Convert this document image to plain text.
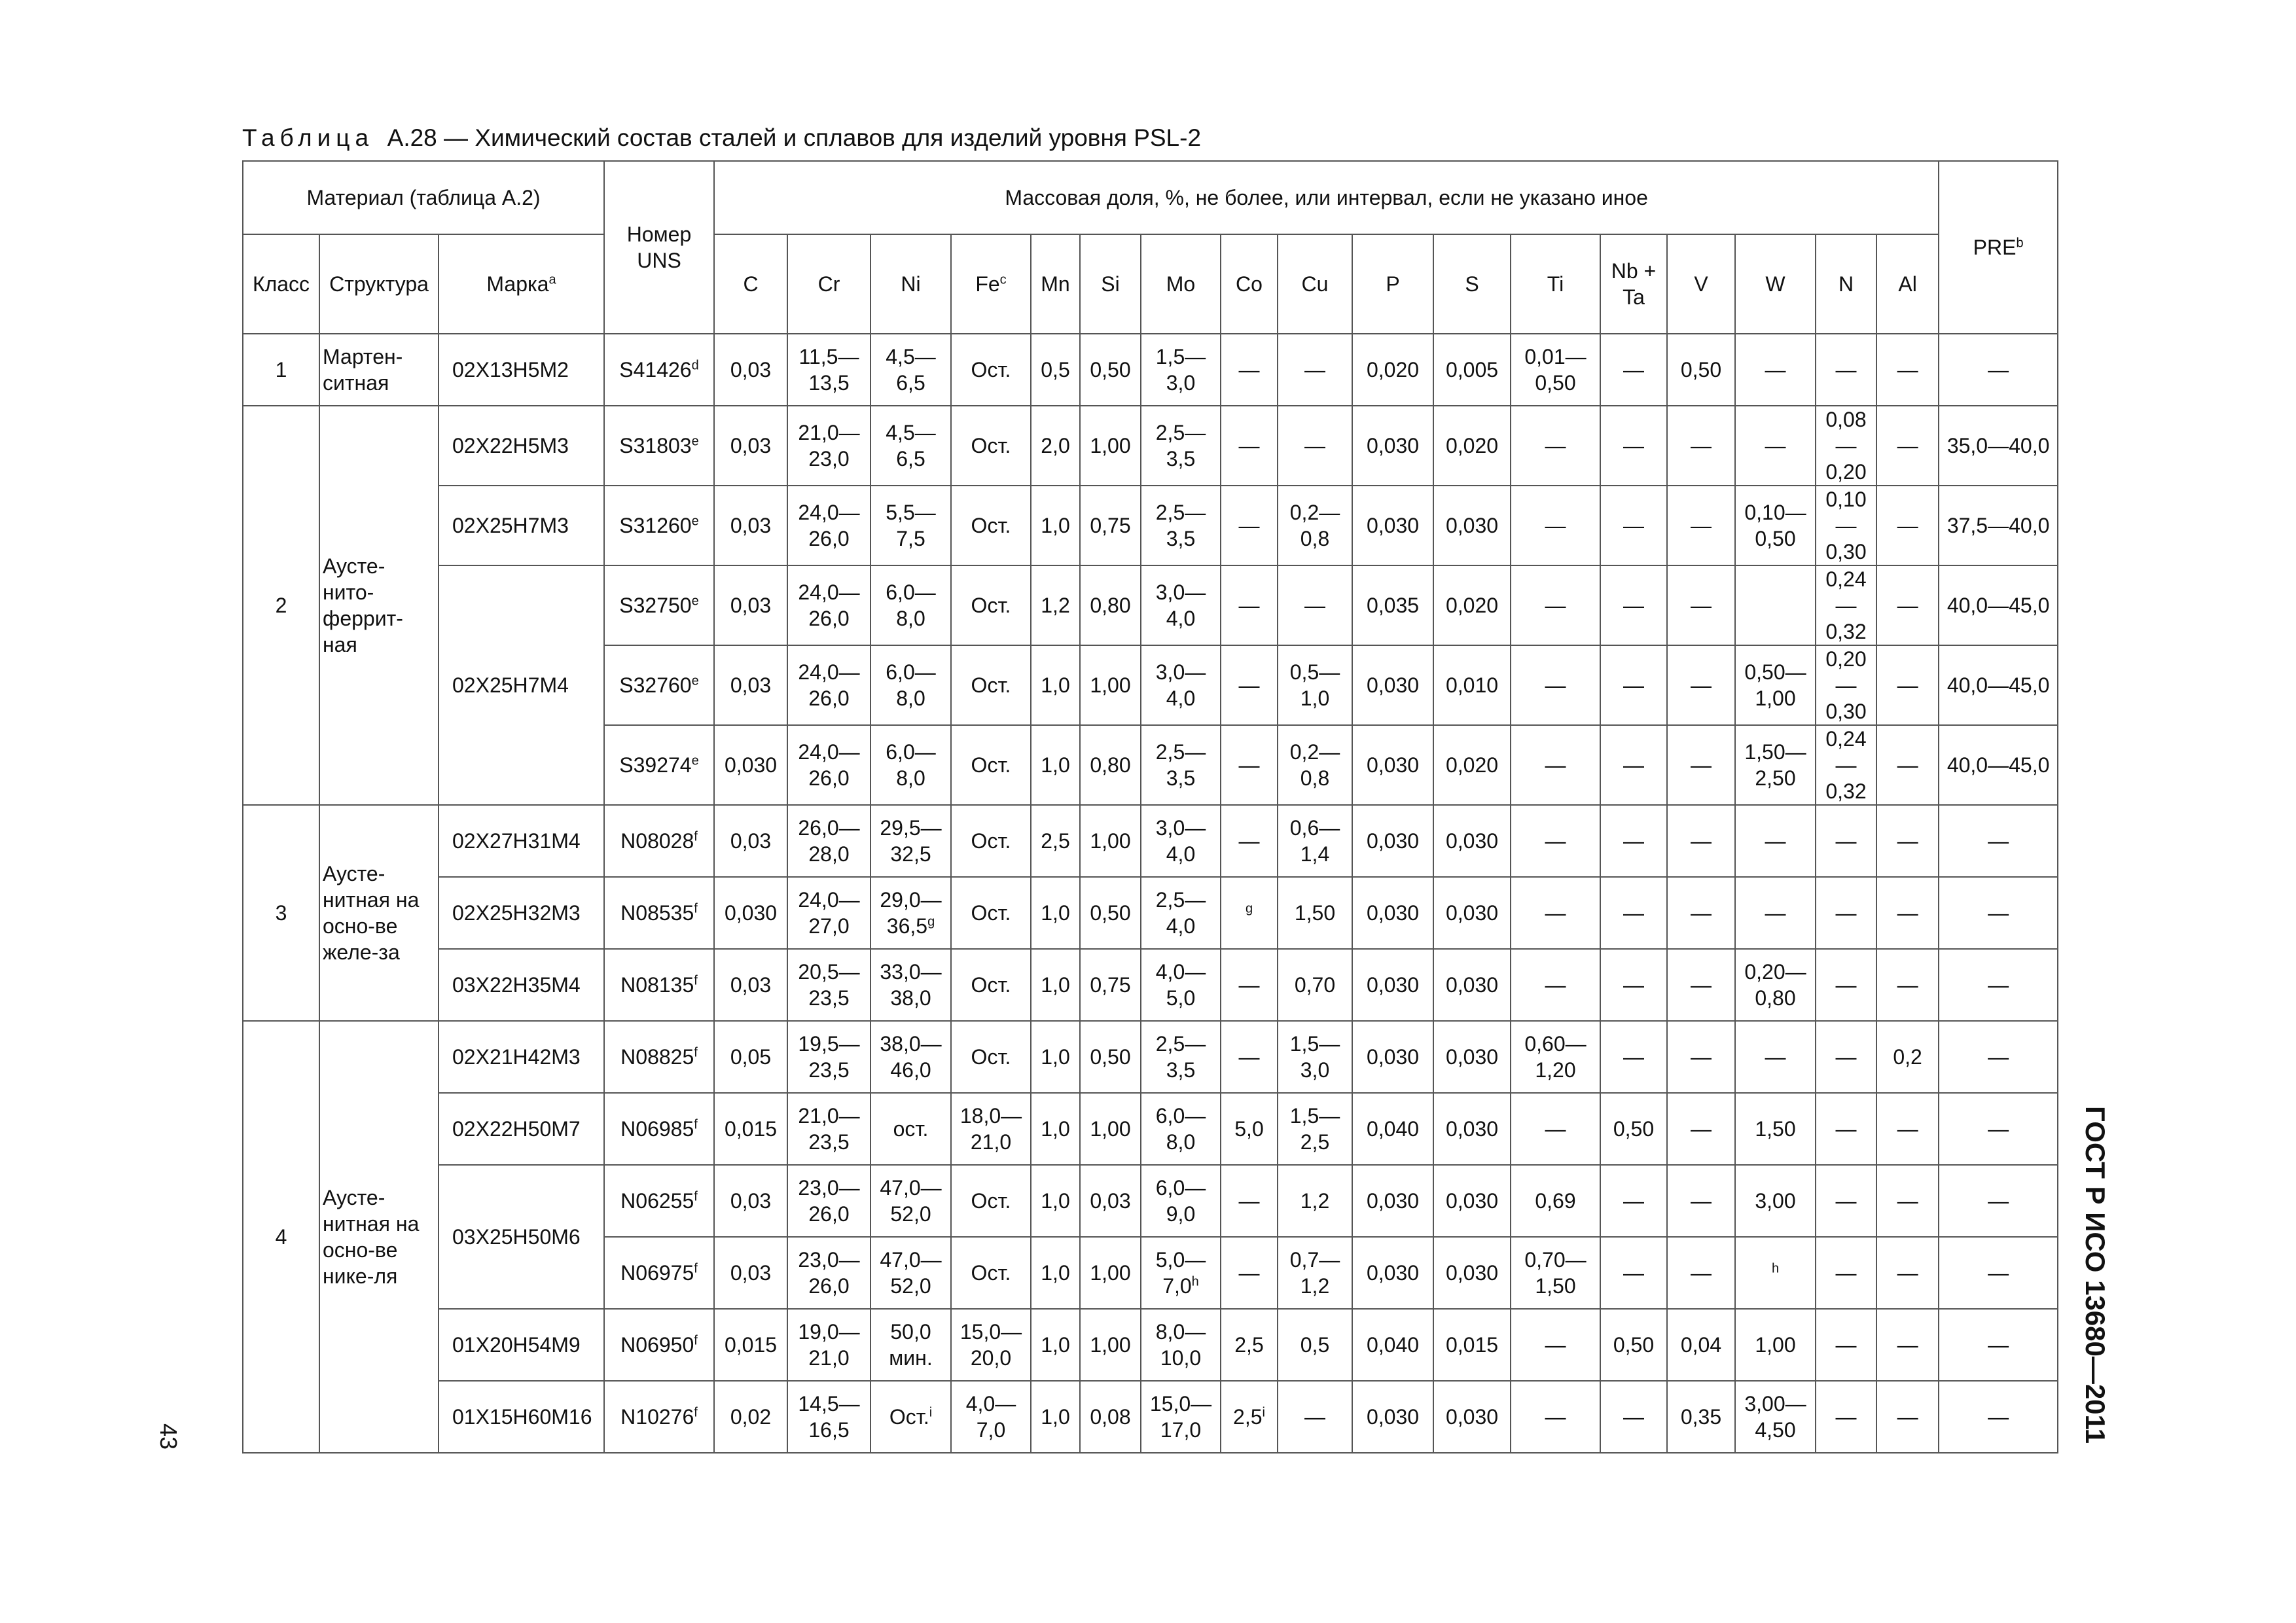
Таблица А.28 — Химический состав сталей и сплавов для изделий уровня PSL-2
Материал (таблица А.2)			Номер UNS	Массовая доля, %, не более, или интервал, если не указано иное																	PRE$^b$
Класс	Структура	Марка$^a$		C	Cr	Ni	Fe$^c$	Mn	Si	Mo	Co	Cu	P	S	Ti	Nb + Ta	V	W	N	Al	
1	Мартен-ситная	02Х13Н5М2	S41426$^d$	0,03	11,5—13,5	4,5—6,5	Ост.	0,5	0,50	1,5—3,0	—	—	0,020	0,005	0,01—0,50	—	0,50	—	—	—	—
2	Аусте-нито-феррит-ная	02Х22Н5М3	S31803e	0,03	21,0—23,0	4,5—6,5	Ост.	2,0	1,00	2,5—3,5	—	—	0,030	0,020	—	—	—	—	0,08—0,20	—	35,0—40,0
		02Х25Н7М3	S31260e	0,03	24,0—26,0	5,5—7,5	Ост.	1,0	0,75	2,5—3,5	—	0,2—0,8	0,030	0,030	—	—	—	0,10—0,50	0,10—0,30	—	37,5—40,0
		02Х25Н7М4	S32750e	0,03	24,0—26,0	6,0—8,0	Ост.	1,2	0,80	3,0—4,0	—	—	0,035	0,020	—	—	—		0,24—0,32	—	40,0—45,0
			S32760e	0,03	24,0—26,0	6,0—8,0	Ост.	1,0	1,00	3,0—4,0	—	0,5—1,0	0,030	0,010	—	—	—	0,50—1,00	0,20—0,30	—	40,0—45,0
			S39274e	0,030	24,0—26,0	6,0—8,0	Ост.	1,0	0,80	2,5—3,5	—	0,2—0,8	0,030	0,020	—	—	—	1,50—2,50	0,24—0,32	—	40,0—45,0
3	Аусте-нитная на осно-ве желе-за	02Х27Н31М4	N08028$^f$	0,03	26,0—28,0	29,5—32,5	Ост.	2,5	1,00	3,0—4,0	—	0,6—1,4	0,030	0,030	—	—	—	—	—	—	—
		02Х25Н32М3	N08535$^f$	0,030	24,0—27,0	29,0—36,5$^g$	Ост.	1,0	0,50	2,5—4,0	$^g$	1,50	0,030	0,030	—	—	—	—	—	—	—
		03Х22Н35М4	N08135$^f$	0,03	20,5—23,5	33,0—38,0	Ост.	1,0	0,75	4,0—5,0	—	0,70	0,030	0,030	—	—	—	0,20—0,80	—	—	—
4	Аусте-нитная на осно-ве нике-ля	02Х21Н42М3	N08825$^f$	0,05	19,5—23,5	38,0—46,0	Ост.	1,0	0,50	2,5—3,5	—	1,5—3,0	0,030	0,030	0,60—1,20	—	—	—	—	0,2	—
		02Х22Н50М7	N06985$^f$	0,015	21,0—23,5	ост.	18,0—21,0	1,0	1,00	6,0—8,0	5,0	1,5—2,5	0,040	0,030	—	0,50	—	1,50	—	—	—
		03Х25Н50М6	N06255$^f$	0,03	23,0—26,0	47,0—52,0	Ост.	1,0	0,03	6,0—9,0	—	1,2	0,030	0,030	0,69	—	—	3,00	—	—	—
			N06975$^f$	0,03	23,0—26,0	47,0—52,0	Ост.	1,0	1,00	5,0—7,0$^h$	—	0,7—1,2	0,030	0,030	0,70—1,50	—	—	$^h$	—	—	—
		01Х20Н54М9	N06950$^f$	0,015	19,0—21,0	50,0 мин.	15,0—20,0	1,0	1,00	8,0—10,0	2,5	0,5	0,040	0,015	—	0,50	0,04	1,00	—	—	—
		01Х15Н60М16	N10276$^f$	0,02	14,5—16,5	Ост.$^i$	4,0—7,0	1,0	0,08	15,0—17,0	2,5$^i$	—	0,030	0,030	—	—	0,35	3,00—4,50	—	—	—	ГОСТ Р ИСО 13680—2011
43
